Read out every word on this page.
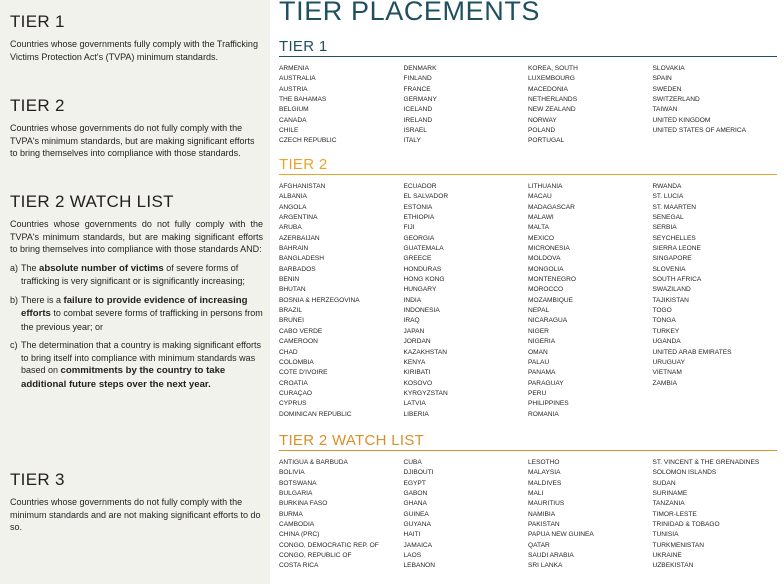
TIER 1

Countries whose governments fully comply with the Trafficking Victims Protection Act's (TVPA) minimum standards.

TIER 2

Countries whose governments do not fully comply with the TVPA's minimum standards, but are making significant efforts to bring themselves into compliance with those standards.

TIER 2 WATCH LIST

Countries whose governments do not fully comply with the TVPA's minimum standards, but are making significant efforts to bring themselves into compliance with those standards AND:

a) The absolute number of victims of severe forms of trafficking is very significant or is significantly increasing;
b) There is a failure to provide evidence of increasing efforts to combat severe forms of trafficking in persons from the previous year; or
c) The determination that a country is making significant efforts to bring itself into compliance with minimum standards was based on commitments by the country to take additional future steps over the next year.
TIER 3

Countries whose governments do not fully comply with the minimum standards and are not making significant efforts to do so.

TIER PLACEMENTS
TIER 1
ARMENIA
AUSTRALIA
AUSTRIA
THE BAHAMAS
BELGIUM
CANADA
CHILE
CZECH REPUBLIC
DENMARK
FINLAND
FRANCE
GERMANY
ICELAND
IRELAND
ISRAEL
ITALY
KOREA, SOUTH
LUXEMBOURG
MACEDONIA
NETHERLANDS
NEW ZEALAND
NORWAY
POLAND
PORTUGAL
SLOVAKIA
SPAIN
SWEDEN
SWITZERLAND
TAIWAN
UNITED KINGDOM
UNITED STATES OF AMERICA
TIER 2
AFGHANISTAN
ALBANIA
ANGOLA
ARGENTINA
ARUBA
AZERBAIJAN
BAHRAIN
BANGLADESH
BARBADOS
BENIN
BHUTAN
BOSNIA & HERZEGOVINA
BRAZIL
BRUNEI
CABO VERDE
CAMEROON
CHAD
COLOMBIA
COTE D'IVOIRE
CROATIA
CURAÇAO
CYPRUS
DOMINICAN REPUBLIC
ECUADOR
EL SALVADOR
ESTONIA
ETHIOPIA
FIJI
GEORGIA
GUATEMALA
GREECE
HONDURAS
HONG KONG
HUNGARY
INDIA
INDONESIA
IRAQ
JAPAN
JORDAN
KAZAKHSTAN
KENYA
KIRIBATI
KOSOVO
KYRGYZSTAN
LATVIA
LIBERIA
LITHUANIA
MACAU
MADAGASCAR
MALAWI
MALTA
MEXICO
MICRONESIA
MOLDOVA
MONGOLIA
MONTENEGRO
MOROCCO
MOZAMBIQUE
NEPAL
NICARAGUA
NIGER
NIGERIA
OMAN
PALAU
PANAMA
PARAGUAY
PERU
PHILIPPINES
ROMANIA
RWANDA
ST. LUCIA
ST. MAARTEN
SENEGAL
SERBIA
SEYCHELLES
SIERRA LEONE
SINGAPORE
SLOVENIA
SOUTH AFRICA
SWAZILAND
TAJIKISTAN
TOGO
TONGA
TURKEY
UGANDA
UNITED ARAB EMIRATES
URUGUAY
VIETNAM
ZAMBIA
TIER 2 WATCH LIST
ANTIGUA & BARBUDA
BOLIVIA
BOTSWANA
BULGARIA
BURKINA FASO
BURMA
CAMBODIA
CHINA (PRC)
CONGO, DEMOCRATIC REP. OF
CONGO, REPUBLIC OF
COSTA RICA
CUBA
DJIBOUTI
EGYPT
GABON
GHANA
GUINEA
GUYANA
HAITI
JAMAICA
LAOS
LEBANON
LESOTHO
MALAYSIA
MALDIVES
MALI
MAURITIUS
NAMIBIA
PAKISTAN
PAPUA NEW GUINEA
QATAR
SAUDI ARABIA
SRI LANKA
ST. VINCENT & THE GRENADINES
SOLOMON ISLANDS
SUDAN
SURINAME
TANZANIA
TIMOR-LESTE
TRINIDAD & TOBAGO
TUNISIA
TURKMENISTAN
UKRAINE
UZBEKISTAN
